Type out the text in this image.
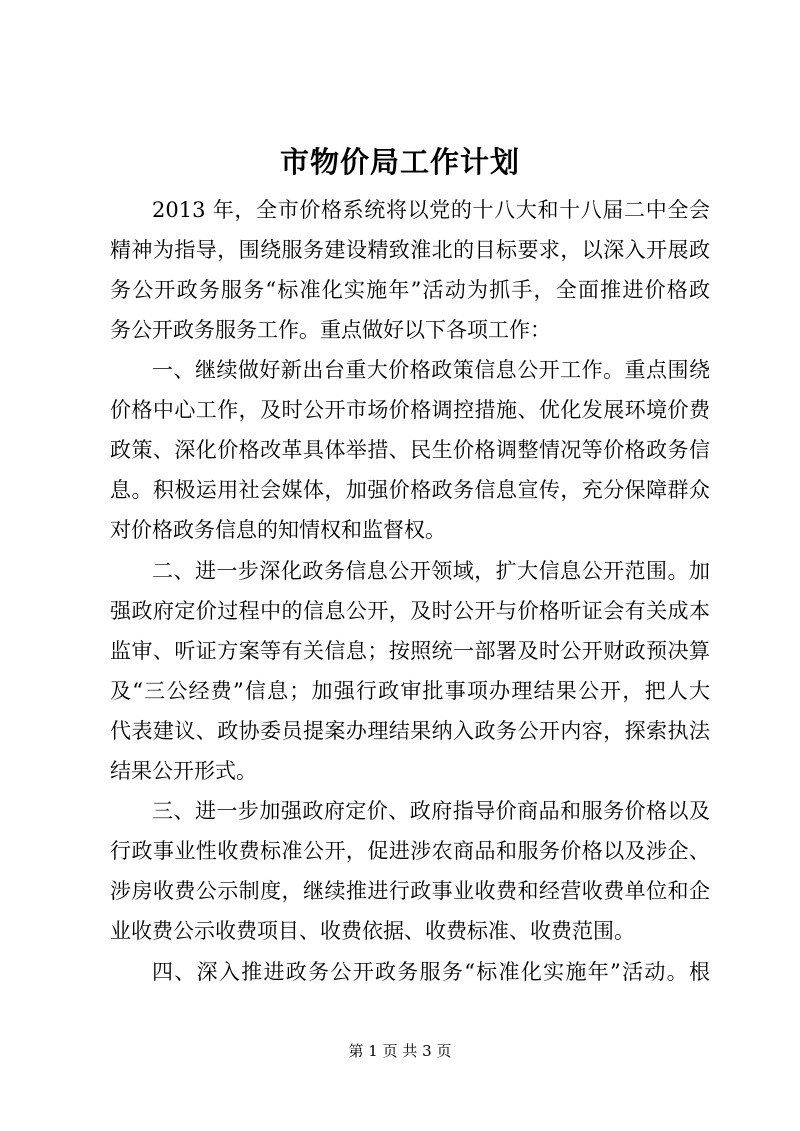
市物价局工作计划
2013 年，全市价格系统将以党的十八大和十八届二中全会
精神为指导，围绕服务建设精致淮北的目标要求，以深入开展政
务公开政务服务“标准化实施年”活动为抓手，全面推进价格政
务公开政务服务工作。重点做好以下各项工作：
一、继续做好新出台重大价格政策信息公开工作。重点围绕
价格中心工作，及时公开市场价格调控措施、优化发展环境价费
政策、深化价格改革具体举措、民生价格调整情况等价格政务信
息。积极运用社会媒体，加强价格政务信息宣传，充分保障群众
对价格政务信息的知情权和监督权。
二、进一步深化政务信息公开领域，扩大信息公开范围。加
强政府定价过程中的信息公开，及时公开与价格听证会有关成本
监审、听证方案等有关信息；按照统一部署及时公开财政预决算
及“三公经费”信息；加强行政审批事项办理结果公开，把人大
代表建议、政协委员提案办理结果纳入政务公开内容，探索执法
结果公开形式。
三、进一步加强政府定价、政府指导价商品和服务价格以及
行政事业性收费标准公开，促进涉农商品和服务价格以及涉企、
涉房收费公示制度，继续推进行政事业收费和经营收费单位和企
业收费公示收费项目、收费依据、收费标准、收费范围。
四、深入推进政务公开政务服务“标准化实施年”活动。根
第 1 页 共 3 页
